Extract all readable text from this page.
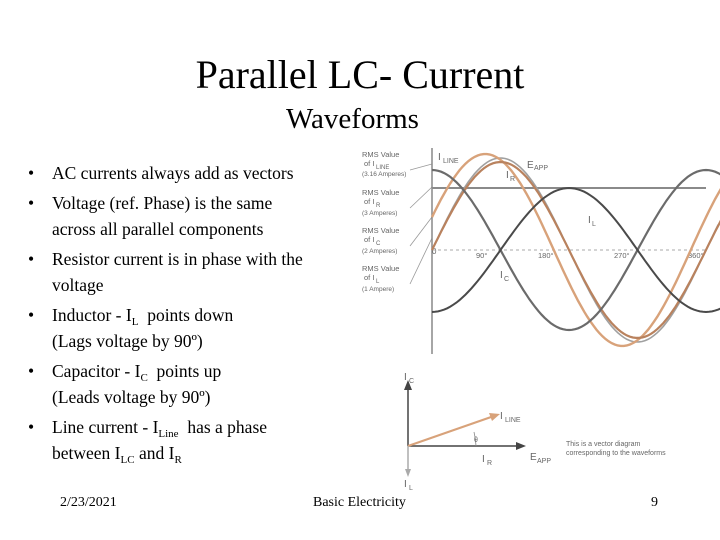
Parallel LC- Current
Waveforms
• AC currents always add as vectors
• Voltage (ref. Phase) is the same
across all parallel components
• Resistor current is in phase with the
voltage
• Inductor - $I_L$  points down
(Lags voltage by 90º)
• Capacitor - $I_C$  points up
(Leads voltage by 90º)
• Line current - $I_{Line}$  has a phase
between $I_{LC}$ and $I_R$
RMS Value
of I LINE
(3.16 Amperes)
RMS Value
of I R
(3 Amperes)
RMS Value
of I C
(2 Amperes)
RMS Value
of I L
(1 Ampere)
0
I LINE
90°	180°	270°	360°
E APP
I R
I L
I C
I C
I LINE
I R
E APP
I L
θ
This is a vector diagram
corresponding to the waveforms
2/23/2021	Basic Electricity	9
